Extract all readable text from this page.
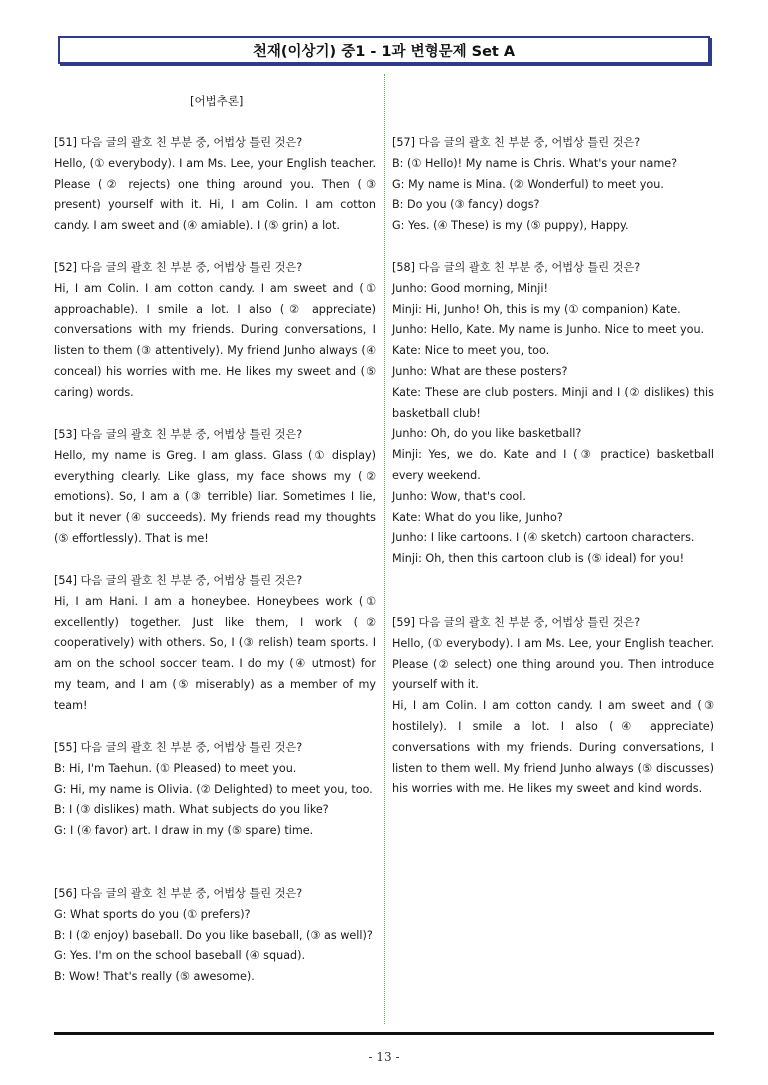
천재(이상기) 중1 - 1과 변형문제 Set A
[어법추론]

[51] 다음 글의 괄호 친 부분 중, 어법상 틀린 것은?

Hello, (① everybody). I am Ms. Lee, your English teacher. Please (② rejects) one thing around you. Then (③ present) yourself with it. Hi, I am Colin. I am cotton candy. I am sweet and (④ amiable). I (⑤ grin) a lot.

[52] 다음 글의 괄호 친 부분 중, 어법상 틀린 것은?

Hi, I am Colin. I am cotton candy. I am sweet and (① approachable). I smile a lot. I also (② appreciate) conversations with my friends. During conversations, I listen to them (③ attentively). My friend Junho always (④ conceal) his worries with me. He likes my sweet and (⑤ caring) words.

[53] 다음 글의 괄호 친 부분 중, 어법상 틀린 것은?

Hello, my name is Greg. I am glass. Glass (① display) everything clearly. Like glass, my face shows my (② emotions). So, I am a (③ terrible) liar. Sometimes I lie, but it never (④ succeeds). My friends read my thoughts (⑤ effortlessly). That is me!

[54] 다음 글의 괄호 친 부분 중, 어법상 틀린 것은?

Hi, I am Hani. I am a honeybee. Honeybees work (① excellently) together. Just like them, I work (② cooperatively) with others. So, I (③ relish) team sports. I am on the school soccer team. I do my (④ utmost) for my team, and I am (⑤ miserably) as a member of my team!

[55] 다음 글의 괄호 친 부분 중, 어법상 틀린 것은?

B: Hi, I'm Taehun. (① Pleased) to meet you.

G: Hi, my name is Olivia. (② Delighted) to meet you, too.

B: I (③ dislikes) math. What subjects do you like?

G: I (④ favor) art. I draw in my (⑤ spare) time.

[56] 다음 글의 괄호 친 부분 중, 어법상 틀린 것은?

G: What sports do you (① prefers)?

B: I (② enjoy) baseball. Do you like baseball, (③ as well)?

G: Yes. I'm on the school baseball (④ squad).

B: Wow! That's really (⑤ awesome).

[57] 다음 글의 괄호 친 부분 중, 어법상 틀린 것은?

B: (① Hello)! My name is Chris. What's your name?

G: My name is Mina. (② Wonderful) to meet you.

B: Do you (③ fancy) dogs?

G: Yes. (④ These) is my (⑤ puppy), Happy.

[58] 다음 글의 괄호 친 부분 중, 어법상 틀린 것은?

Junho: Good morning, Minji!

Minji: Hi, Junho! Oh, this is my (① companion) Kate.

Junho: Hello, Kate. My name is Junho. Nice to meet you.

Kate: Nice to meet you, too.

Junho: What are these posters?

Kate: These are club posters. Minji and I (② dislikes) this basketball club!

Junho: Oh, do you like basketball?

Minji: Yes, we do. Kate and I (③ practice) basketball every weekend.

Junho: Wow, that's cool.

Kate: What do you like, Junho?

Junho: I like cartoons. I (④ sketch) cartoon characters.

Minji: Oh, then this cartoon club is (⑤ ideal) for you!

[59] 다음 글의 괄호 친 부분 중, 어법상 틀린 것은?

Hello, (① everybody). I am Ms. Lee, your English teacher. Please (② select) one thing around you. Then introduce yourself with it.

Hi, I am Colin. I am cotton candy. I am sweet and (③ hostilely). I smile a lot. I also (④ appreciate) conversations with my friends. During conversations, I listen to them well. My friend Junho always (⑤ discusses) his worries with me. He likes my sweet and kind words.

- 13 -
